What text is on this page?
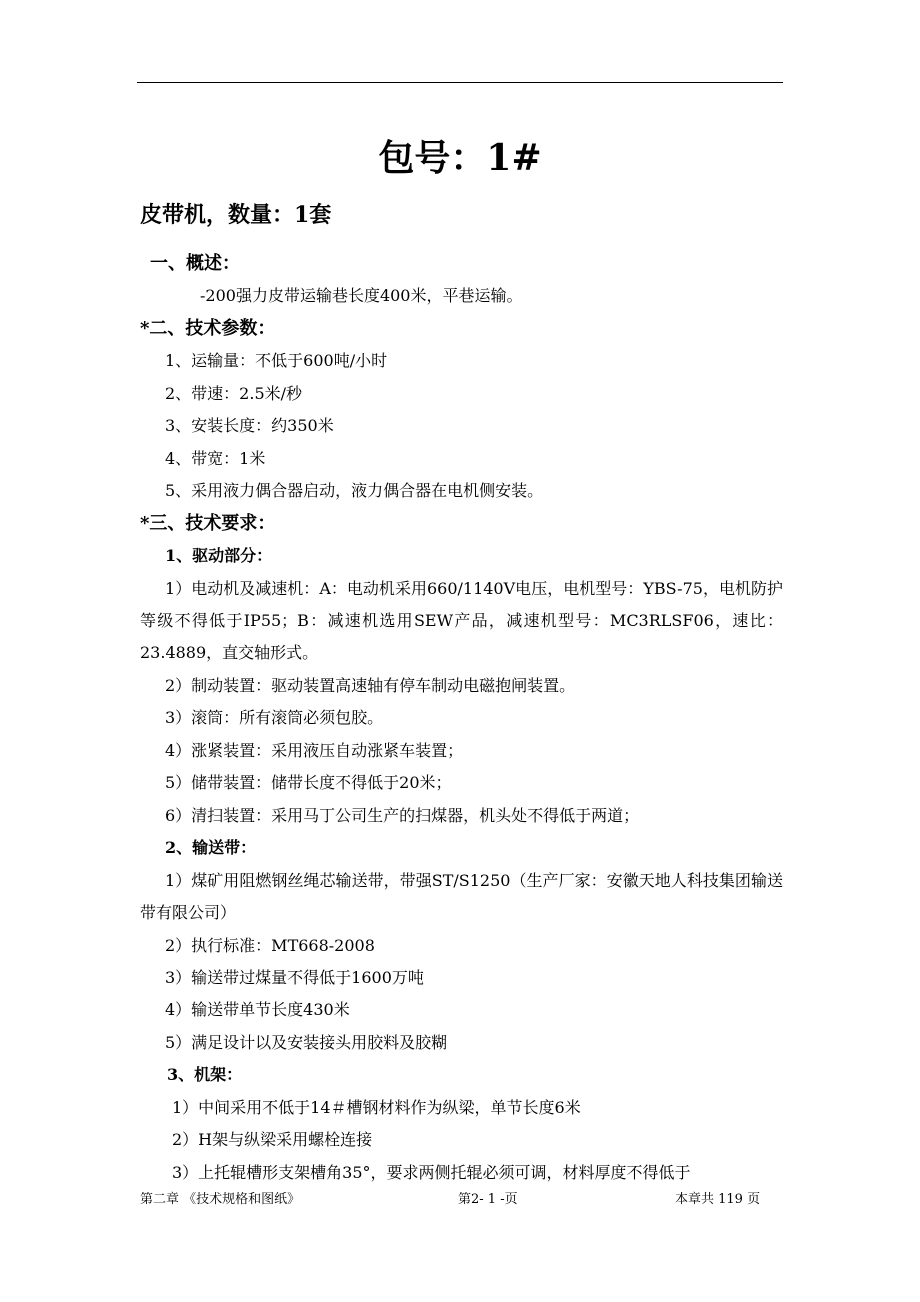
包号：1#
皮带机，数量：1套
一、概述：
-200强力皮带运输巷长度400米，平巷运输。
*二、技术参数：
1、运输量：不低于600吨/小时
2、带速：2.5米/秒
3、安装长度：约350米
4、带宽：1米
5、采用液力偶合器启动，液力偶合器在电机侧安装。
*三、技术要求：
1、驱动部分：
1）电动机及减速机：A：电动机采用660/1140V电压，电机型号：YBS-75，电机防护等级不得低于IP55；B：减速机选用SEW产品，减速机型号：MC3RLSF06，速比：23.4889，直交轴形式。
2）制动装置：驱动装置高速轴有停车制动电磁抱闸装置。
3）滚筒：所有滚筒必须包胶。
4）涨紧装置：采用液压自动涨紧车装置；
5）储带装置：储带长度不得低于20米；
6）清扫装置：采用马丁公司生产的扫煤器，机头处不得低于两道；
2、输送带：
1）煤矿用阻燃钢丝绳芯输送带，带强ST/S1250（生产厂家：安徽天地人科技集团输送带有限公司）
2）执行标准：MT668-2008
3）输送带过煤量不得低于1600万吨
4）输送带单节长度430米
5）满足设计以及安装接头用胶料及胶糊
3、机架：
1）中间采用不低于14＃槽钢材料作为纵梁，单节长度6米
2）H架与纵梁采用螺栓连接
3）上托辊槽形支架槽角35°，要求两侧托辊必须可调，材料厚度不得低于
第二章 《技术规格和图纸》	第2- 1 -页	本章共 119 页
